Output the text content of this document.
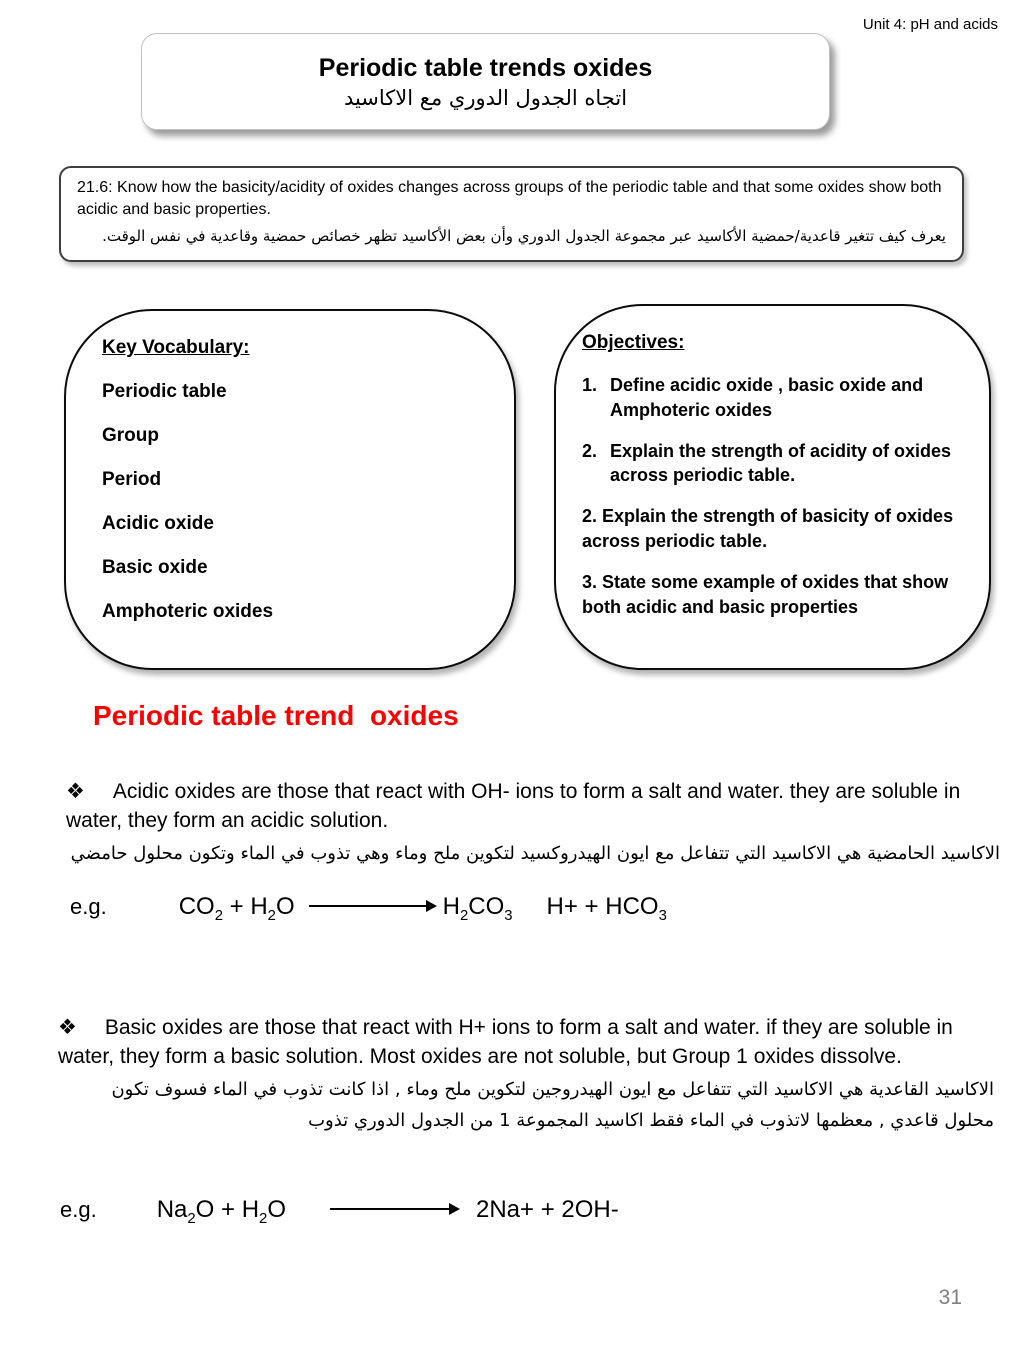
Unit 4: pH and acids
Periodic table trends oxides
اتجاه الجدول الدوري مع الاكاسيد
21.6: Know how the basicity/acidity of oxides changes across groups of the periodic table and that some oxides show both acidic and basic properties.
يعرف كيف تتغير قاعدية/حمضية الأكاسيد عبر مجموعة الجدول الدوري وأن بعض الأكاسيد تظهر خصائص حمضية وقاعدية في نفس الوقت.
Key Vocabulary:
Periodic table
Group
Period
Acidic oxide
Basic oxide
Amphoteric oxides
Objectives:
1. Define acidic oxide , basic oxide and Amphoteric oxides
2. Explain the strength of acidity of oxides across periodic table.
2. Explain the strength of basicity of oxides across periodic table.
3. State some example of oxides that show both acidic and basic properties
Periodic table trend  oxides
❖ Acidic oxides are those that react with OH- ions to form a salt and water. they are soluble in water, they form an acidic solution.
الاكاسيد الحامضية هي الاكاسيد التي تتفاعل مع ايون الهيدروكسيد لتكوين ملح وماء وهي تذوب في الماء وتكون محلول حامضي
e.g.	$CO_2 + H_2O$	$H_2CO_3$ $H+ + HCO_3$
❖ Basic oxides are those that react with H+ ions to form a salt and water. if they are soluble in water, they form a basic solution. Most oxides are not soluble, but Group 1 oxides dissolve.
الاكاسيد القاعدية هي الاكاسيد التي تتفاعل مع ايون الهيدروجين لتكوين ملح وماء , اذا كانت تذوب في الماء فسوف تكون
محلول قاعدي , معظمها لاتذوب في الماء فقط اكاسيد المجموعة 1 من الجدول الدوري تذوب
e.g.	$Na_2O + H_2O$	2Na+ + 2OH-
31
